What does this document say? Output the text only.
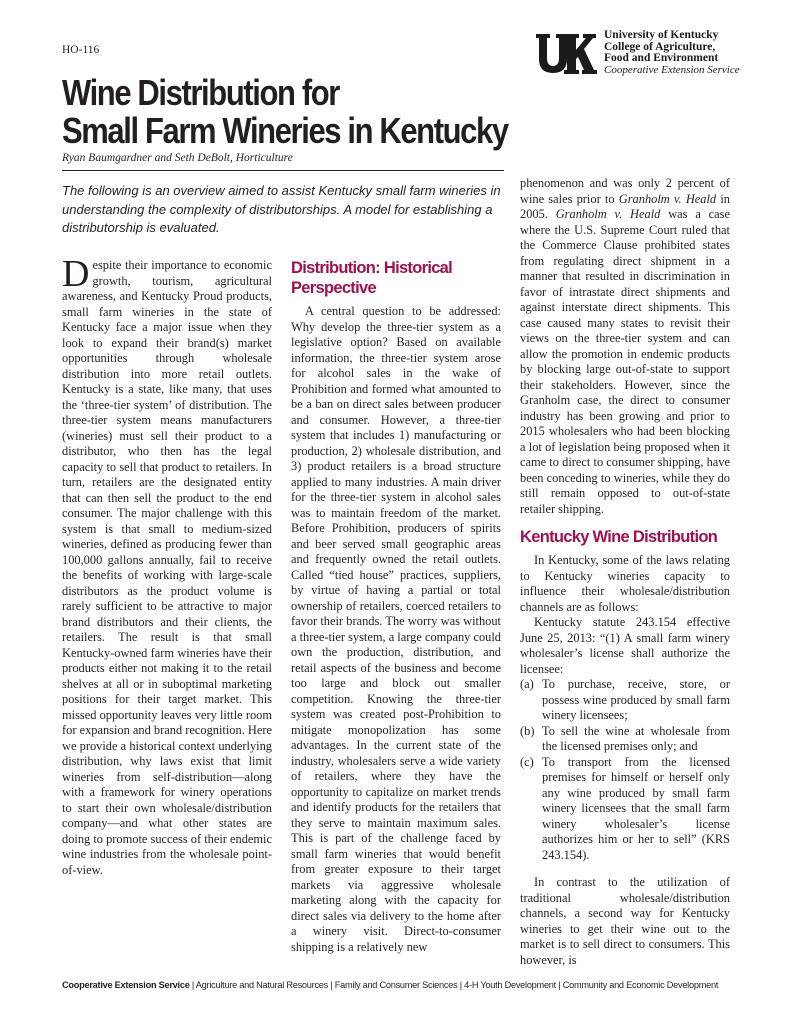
HO-116
University of Kentucky
College of Agriculture,
Food and Environment
Cooperative Extension Service
Wine Distribution for
Small Farm Wineries in Kentucky
Ryan Baumgardner and Seth DeBolt, Horticulture
The following is an overview aimed to assist Kentucky small farm wineries in understanding the complexity of distributorships. A model for establishing a distributorship is evaluated.

Despite their importance to economic growth, tourism, agricultural awareness, and Kentucky Proud products, small farm wineries in the state of Kentucky face a major issue when they look to expand their brand(s) market opportunities through wholesale distribution into more retail outlets. Kentucky is a state, like many, that uses the ‘three-tier system’ of distribution. The three-tier system means manufacturers (wineries) must sell their product to a distributor, who then has the legal capacity to sell that product to retailers. In turn, retailers are the designated entity that can then sell the product to the end consumer. The major challenge with this system is that small to medium-sized wineries, defined as producing fewer than 100,000 gallons annually, fail to receive the benefits of working with large-scale distributors as the product volume is rarely sufficient to be attractive to major brand distributors and their clients, the retailers. The result is that small Kentucky-owned farm wineries have their products either not making it to the retail shelves at all or in suboptimal marketing positions for their target market. This missed opportunity leaves very little room for expansion and brand recognition. Here we provide a historical context underlying distribution, why laws exist that limit wineries from self-distribution—along with a framework for winery operations to start their own wholesale/distribution company—and what other states are doing to promote success of their endemic wine industries from the wholesale point-of-view.

Distribution: Historical Perspective

A central question to be addressed: Why develop the three-tier system as a legislative option? Based on available information, the three-tier system arose for alcohol sales in the wake of Prohibition and formed what amounted to be a ban on direct sales between producer and consumer. However, a three-tier system that includes 1) manufacturing or production, 2) wholesale distribution, and 3) product retailers is a broad structure applied to many industries. A main driver for the three-tier system in alcohol sales was to maintain freedom of the market. Before Prohibition, producers of spirits and beer served small geographic areas and frequently owned the retail outlets. Called “tied house” practices, suppliers, by virtue of having a partial or total ownership of retailers, coerced retailers to favor their brands. The worry was without a three-tier system, a large company could own the production, distribution, and retail aspects of the business and become too large and block out smaller competition. Knowing the three-tier system was created post-Prohibition to mitigate monopolization has some advantages. In the current state of the industry, wholesalers serve a wide variety of retailers, where they have the opportunity to capitalize on market trends and identify products for the retailers that they serve to maintain maximum sales. This is part of the challenge faced by small farm wineries that would benefit from greater exposure to their target markets via aggressive wholesale marketing along with the capacity for direct sales via delivery to the home after a winery visit. Direct-to-consumer shipping is a relatively new

phenomenon and was only 2 percent of wine sales prior to Granholm v. Heald in 2005. Granholm v. Heald was a case where the U.S. Supreme Court ruled that the Commerce Clause prohibited states from regulating direct shipment in a manner that resulted in discrimination in favor of intrastate direct shipments and against interstate direct shipments. This case caused many states to revisit their views on the three-tier system and can allow the promotion in endemic products by blocking large out-of-state to support their stakeholders. However, since the Granholm case, the direct to consumer industry has been growing and prior to 2015 wholesalers who had been blocking a lot of legislation being proposed when it came to direct to consumer shipping, have been conceding to wineries, while they do still remain opposed to out-of-state retailer shipping.

Kentucky Wine Distribution

In Kentucky, some of the laws relating to Kentucky wineries capacity to influence their wholesale/distribution channels are as follows:

Kentucky statute 243.154 effective June 25, 2013: “(1) A small farm winery wholesaler’s license shall authorize the licensee:

(a) To purchase, receive, store, or possess wine produced by small farm winery licensees;
(b) To sell the wine at wholesale from the licensed premises only; and
(c) To transport from the licensed premises for himself or herself only any wine produced by small farm winery licensees that the small farm winery wholesaler’s license authorizes him or her to sell” (KRS 243.154).

In contrast to the utilization of traditional wholesale/distribution channels, a second way for Kentucky wineries to get their wine out to the market is to sell direct to consumers. This however, is

Cooperative Extension Service | Agriculture and Natural Resources | Family and Consumer Sciences | 4-H Youth Development | Community and Economic Development
